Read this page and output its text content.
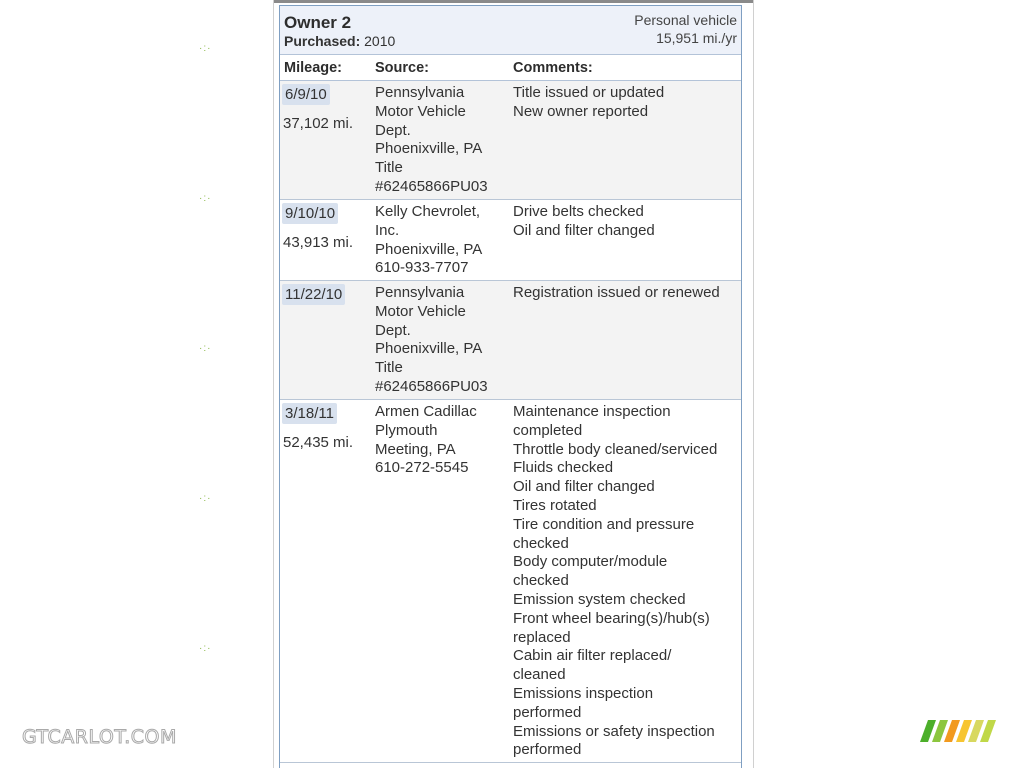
·:·
·:·
·:·
·:·
·:·
Owner 2
Purchased: 2010
Personal vehicle
15,951 mi./yr
Mileage: Source:	Comments:
6/9/10
37,102 mi.
Pennsylvania
Motor Vehicle
Dept.
Phoenixville, PA
Title
#62465866PU03
Title issued or updated
New owner reported
9/10/10
43,913 mi.
Kelly Chevrolet,
Inc.
Phoenixville, PA
610-933-7707
Drive belts checked
Oil and filter changed
11/22/10	Pennsylvania
Motor Vehicle
Dept.
Phoenixville, PA
Title
#62465866PU03
Registration issued or renewed
3/18/11
52,435 mi.
Armen Cadillac
Plymouth
Meeting, PA
610-272-5545
Maintenance inspection
completed
Throttle body cleaned/serviced
Fluids checked
Oil and filter changed
Tires rotated
Tire condition and pressure
checked
Body computer/module
checked
Emission system checked
Front wheel bearing(s)/hub(s)
replaced
Cabin air filter replaced/
cleaned
Emissions inspection
performed
Emissions or safety inspection
performed
GTCARLOT.COM
